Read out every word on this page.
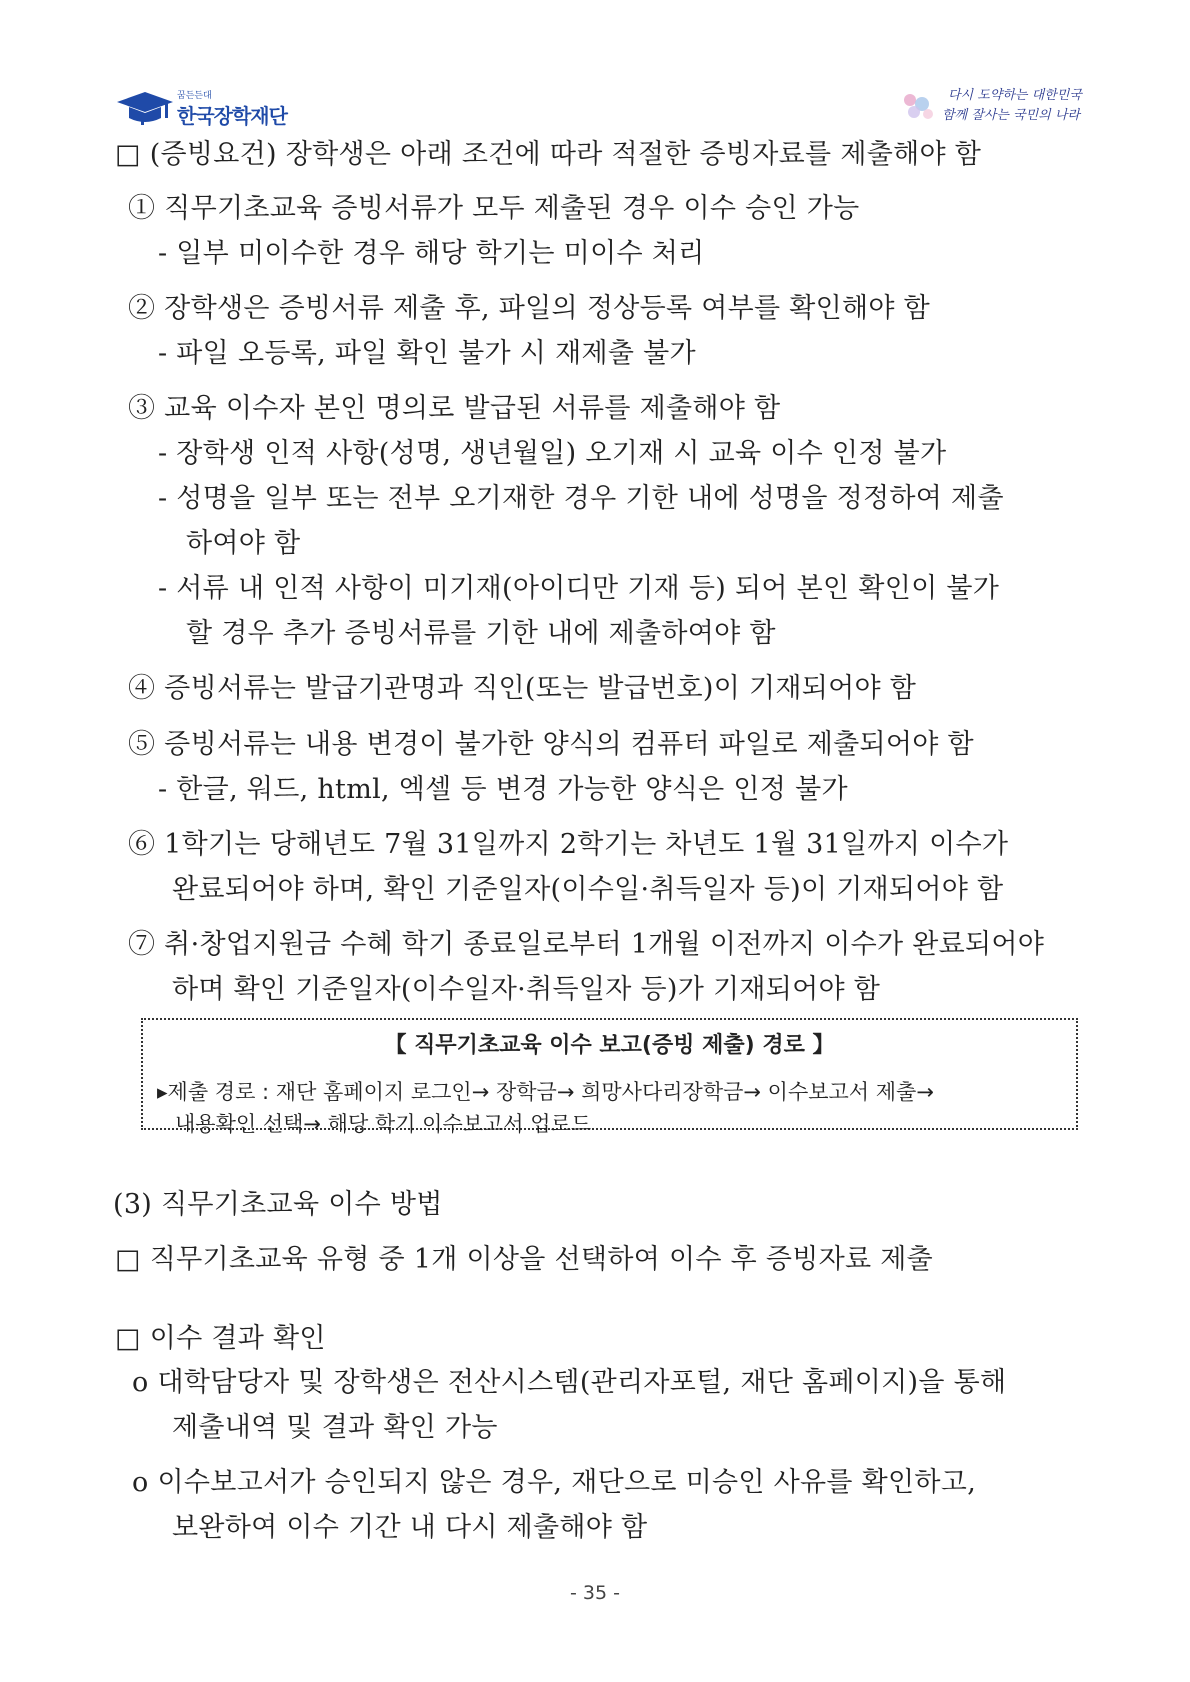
꿈든든대
한국장학재단
다시 도약하는 대한민국
함께 잘사는 국민의 나라
□ (증빙요건) 장학생은 아래 조건에 따라 적절한 증빙자료를 제출해야 함
① 직무기초교육 증빙서류가 모두 제출된 경우 이수 승인 가능
- 일부 미이수한 경우 해당 학기는 미이수 처리
② 장학생은 증빙서류 제출 후, 파일의 정상등록 여부를 확인해야 함
- 파일 오등록, 파일 확인 불가 시 재제출 불가
③ 교육 이수자 본인 명의로 발급된 서류를 제출해야 함
- 장학생 인적 사항(성명, 생년월일) 오기재 시 교육 이수 인정 불가
- 성명을 일부 또는 전부 오기재한 경우 기한 내에 성명을 정정하여 제출
하여야 함
- 서류 내 인적 사항이 미기재(아이디만 기재 등) 되어 본인 확인이 불가
할 경우 추가 증빙서류를 기한 내에 제출하여야 함
④ 증빙서류는 발급기관명과 직인(또는 발급번호)이 기재되어야 함
⑤ 증빙서류는 내용 변경이 불가한 양식의 컴퓨터 파일로 제출되어야 함
- 한글, 워드, html, 엑셀 등 변경 가능한 양식은 인정 불가
⑥ 1학기는 당해년도 7월 31일까지 2학기는 차년도 1월 31일까지 이수가
완료되어야 하며, 확인 기준일자(이수일·취득일자 등)이 기재되어야 함
⑦ 취·창업지원금 수혜 학기 종료일로부터 1개월 이전까지 이수가 완료되어야
하며 확인 기준일자(이수일자·취득일자 등)가 기재되어야 함
【 직무기초교육 이수 보고(증빙 제출) 경로 】
▸제출 경로 : 재단 홈페이지 로그인→ 장학금→ 희망사다리장학금→ 이수보고서 제출→
내용확인 선택→ 해당 학기 이수보고서 업로드
(3) 직무기초교육 이수 방법
□ 직무기초교육 유형 중 1개 이상을 선택하여 이수 후 증빙자료 제출
□ 이수 결과 확인
o 대학담당자 및 장학생은 전산시스템(관리자포털, 재단 홈페이지)을 통해
제출내역 및 결과 확인 가능
o 이수보고서가 승인되지 않은 경우, 재단으로 미승인 사유를 확인하고,
보완하여 이수 기간 내 다시 제출해야 함
- 35 -
